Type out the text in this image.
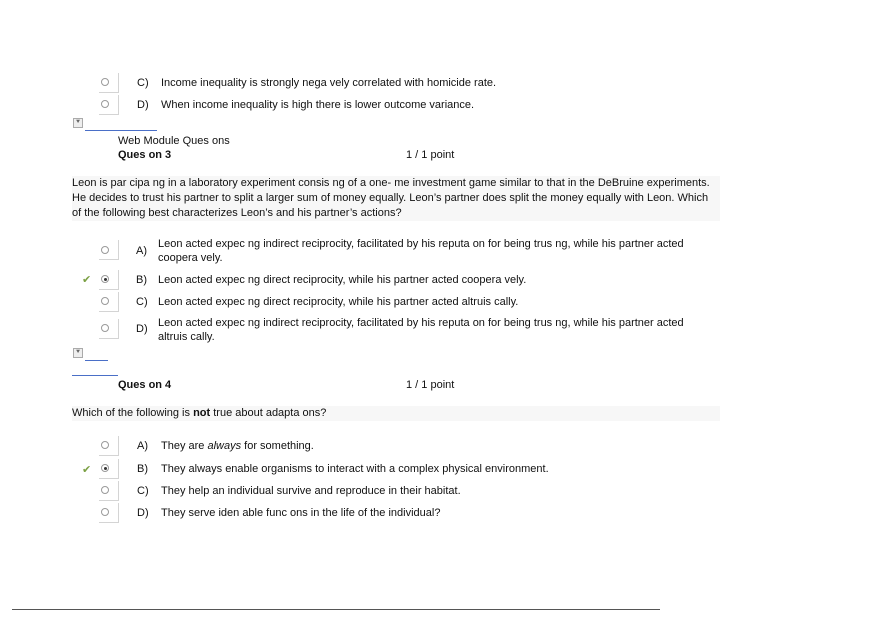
C) Income inequality is strongly nega vely correlated with homicide rate.
D) When income inequality is high there is lower outcome variance.
⯆
Web Module Ques ons
Ques on 3	1 / 1 point
Leon is par cipa ng in a laboratory experiment consis ng of a one- me investment game similar to that in the DeBruine experiments. He decides to trust his partner to split a larger sum of money equally. Leon’s partner does split the money equally with Leon. Which of the following best characterizes Leon’s and his partner’s actions?
A)
Leon acted expec ng indirect reciprocity, facilitated by his reputa on for being trus ng, while his partner acted coopera vely.
✔	B) Leon acted expec ng direct reciprocity, while his partner acted coopera vely.
C) Leon acted expec ng direct reciprocity, while his partner acted altruis cally.
D) Leon acted expec ng indirect reciprocity, facilitated by his reputa on for being trus ng, while his partner acted altruis cally.
⯆
Ques on 4	1 / 1 point
Which of the following is not true about adapta ons?
A) They are always for something.
✔	B) They always enable organisms to interact with a complex physical environment.
C) They help an individual survive and reproduce in their habitat.
D) They serve iden able func ons in the life of the individual?
